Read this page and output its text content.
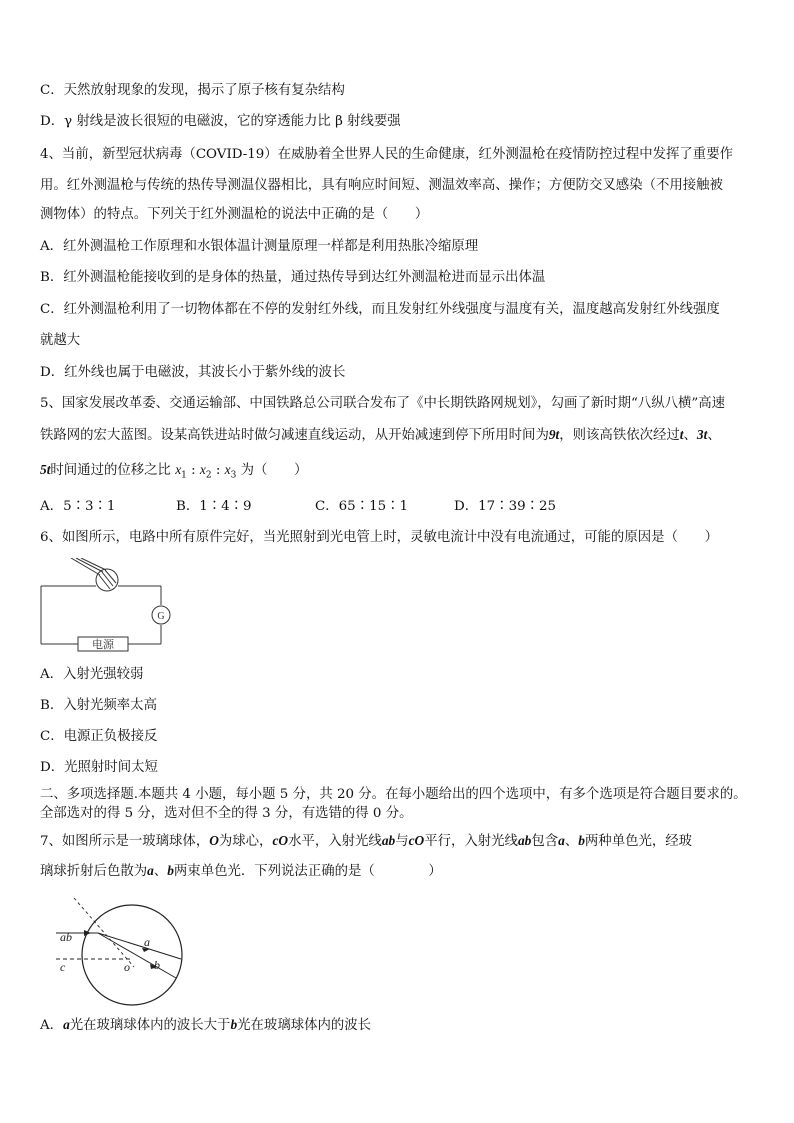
C．天然放射现象的发现，揭示了原子核有复杂结构
D．γ 射线是波长很短的电磁波，它的穿透能力比 β 射线要强
4、当前，新型冠状病毒（COVID-19）在威胁着全世界人民的生命健康，红外测温枪在疫情防控过程中发挥了重要作
用。红外测温枪与传统的热传导测温仪器相比，具有响应时间短、测温效率高、操作；方便防交叉感染（不用接触被
测物体）的特点。下列关于红外测温枪的说法中正确的是（　　）
A．红外测温枪工作原理和水银体温计测量原理一样都是利用热胀冷缩原理
B．红外测温枪能接收到的是身体的热量，通过热传导到达红外测温枪进而显示出体温
C．红外测温枪利用了一切物体都在不停的发射红外线，而且发射红外线强度与温度有关，温度越高发射红外线强度
就越大
D．红外线也属于电磁波，其波长小于紫外线的波长
5、国家发展改革委、交通运输部、中国铁路总公司联合发布了《中长期铁路网规划》，勾画了新时期“八纵八横”高速
铁路网的宏大蓝图。设某高铁进站时做匀减速直线运动，从开始减速到停下所用时间为9t，则该高铁依次经过t、3t、
5t时间通过的位移之比 $x_1$ : $x_2$ : $x_3$ 为（　　）
A．5∶3∶1	B．1∶4∶9	C．65∶15∶1	D．17∶39∶25
6、如图所示，电路中所有原件完好，当光照射到光电管上时，灵敏电流计中没有电流通过，可能的原因是（　　）
电源
G
A．入射光强较弱
B．入射光频率太高
C．电源正负极接反
D．光照射时间太短
二、多项选择题.本题共 4 小题，每小题 5 分，共 20 分。在每小题给出的四个选项中，有多个选项是符合题目要求的。
全部选对的得 5 分，选对但不全的得 3 分，有选错的得 0 分。
7、如图所示是一玻璃球体，O为球心，cO水平，入射光线ab与cO平行，入射光线ab包含a、b两种单色光，经玻
璃球折射后色散为a、b两束单色光．下列说法正确的是（　　　　）
ab	a
b
c	o
A．a光在玻璃球体内的波长大于b光在玻璃球体内的波长
